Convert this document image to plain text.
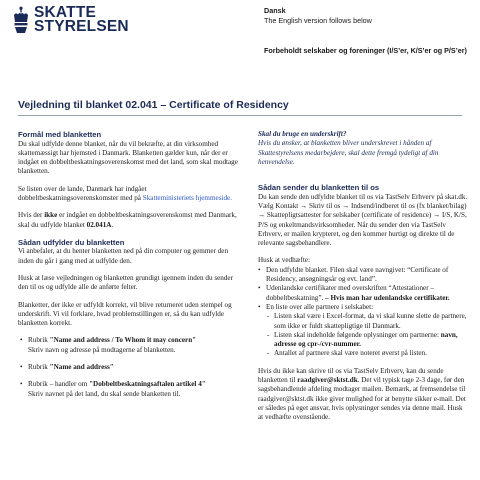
SKATTE
STYRELSEN
Dansk
The English version follows below
Forbeholdt selskaber og foreninger (I/S’er, K/S’er og P/S’er)
Vejledning til blanket 02.041 – Certificate of Residency
Formål med blanketten

Du skal udfylde denne blanket, når du vil bekræfte, at din virksomhed skattemæssigt har hjemsted i Danmark. Blanketten gælder kun, når der er indgået en dobbeltbeskatningsoverenskomst med det land, som skal modtage blanketten.

Se listen over de lande, Danmark har indgået dobbeltbeskatningsoverenskomster med på Skatteministeriets hjemmeside.

Hvis der ikke er indgået en dobbeltbeskatningsoverenskomst med Danmark, skal du udfylde blanket 02.041A.

Sådan udfylder du blanketten

Vi anbefaler, at du henter blanketten ned på din computer og gemmer den inden du går i gang med at udfylde den.

Husk at læse vejledningen og blanketten grundigt igennem inden du sender den til os og udfylde alle de anførte felter.

Blanketter, der ikke er udfyldt korrekt, vil blive returneret uden stempel og underskrift. Vi vil forklare, hvad problemstillingen er, så du kan udfylde blanketten korrekt.

• Rubrik "Name and address / To Whom it may concern"
Skriv navn og adresse på modtagerne af blanketten.
• Rubrik "Name and address"
• Rubrik – handler om "Dobbeltbeskatningsaftalen artikel 4"
Skriv navnet på det land, du skal sende blanketten til.
Skal du bruge en underskrift?

Hvis du ønsker, at blanketten bliver underskrevet i hånden af Skattestyrelsens medarbejdere, skal dette fremgå tydeligt af din henvendelse.

Sådan sender du blanketten til os

Du kan sende den udfyldte blanket til os via TastSelv Erhverv på skat.dk. Vælg Kontakt → Skriv til os → Indsend/indberet til os (fx blanket/bilag) → Skattepligtsattester for selskaber (certificate of residence) → I/S, K/S, P/S og enkeltmandsvirksomheder. Når du sender den via TastSelv Erhverv, er mailen krypteret, og den kommer hurtigt og direkte til de relevante sagsbehandlere.

Husk at vedhæfte:
• Den udfyldte blanket. Filen skal være navngivet: “Certificate of Residency, ansøgningsår og evt. land”.
• Udenlandske certifikater med overskriften “Attestationer – dobbeltbeskatning”. – Hvis man har udenlandske certifikater.
• En liste over alle partnere i selskabet:
- Listen skal være i Excel-format, da vi skal kunne slette de partnere, som ikke er fuldt skattepligtige til Danmark.
- Listen skal indeholde følgende oplysninger om partnerne: navn, adresse og cpr-/cvr-nummer.
- Antallet af partnere skal være noteret øverst på listen.

Hvis du ikke kan skrive til os via TastSelv Erhverv, kan du sende blanketten til raadgiver@sktst.dk. Det vil typisk tage 2-3 dage, før den sagsbehandlende afdeling modtager mailen. Bemærk, at fremsendelse til raadgiver@sktst.dk ikke giver mulighed for at benytte sikker e-mail. Det er således på eget ansvar, hvis oplysninger sendes via denne mail. Husk at vedhæfte ovenstående.
